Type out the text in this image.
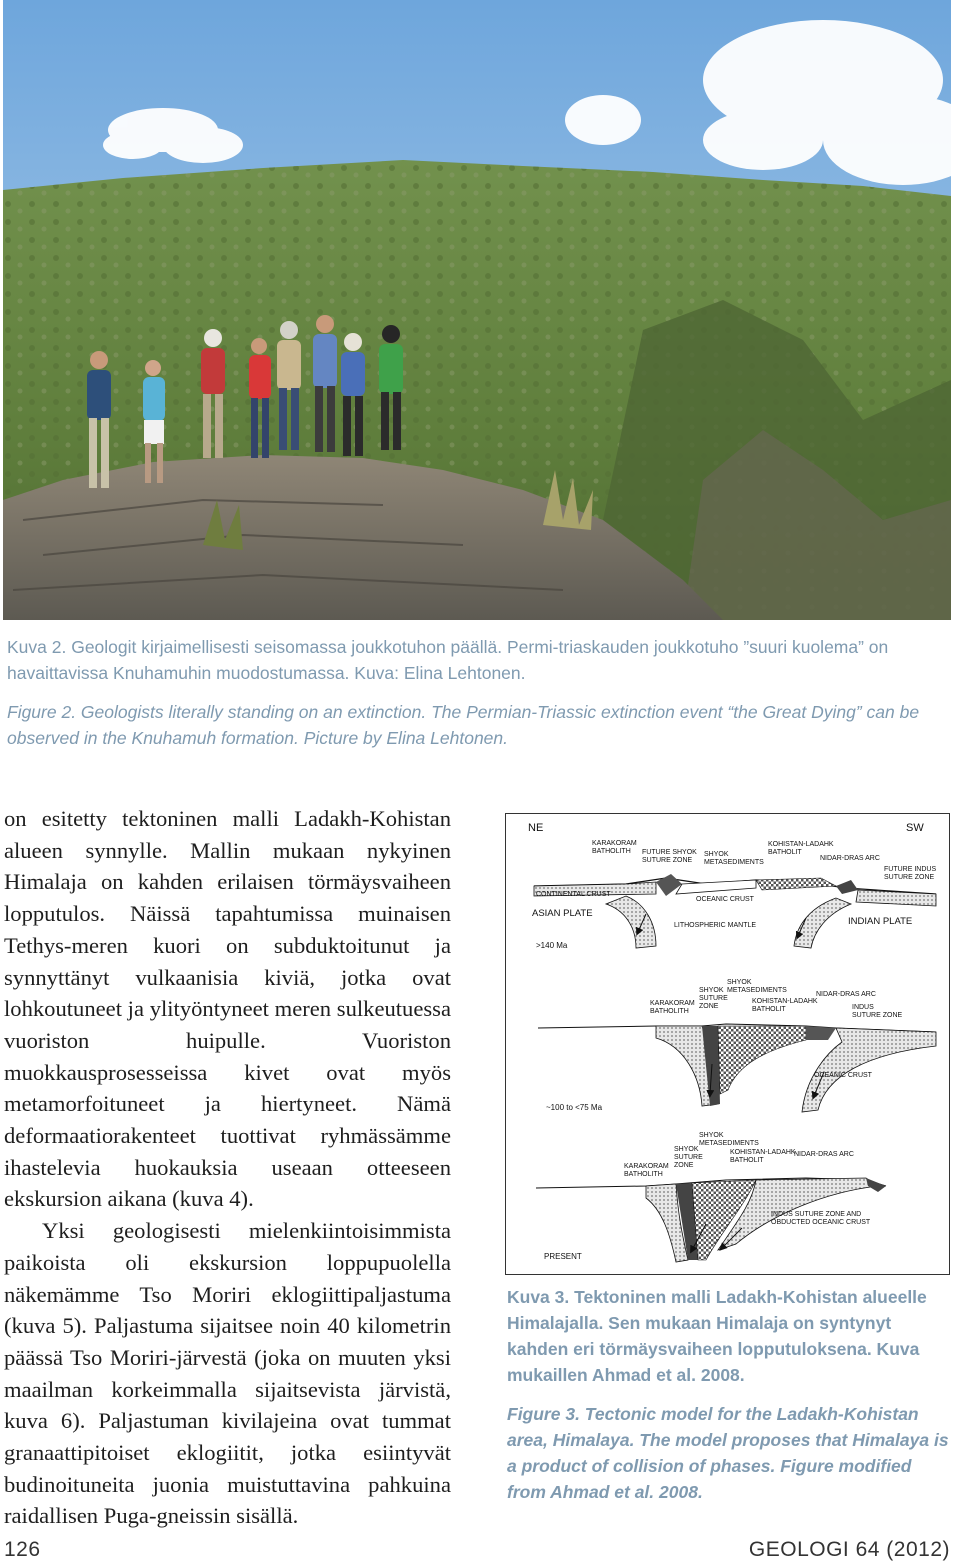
Kuva 2. Geologit kirjaimellisesti seisomassa joukkotuhon päällä. Permi-triaskauden joukkotuho ”suuri kuolema” on havaittavissa Knuhamuhin muodostumassa. Kuva: Elina Lehtonen.

Figure 2. Geologists literally standing on an extinction. The Permian-Triassic extinction event “the Great Dying” can be observed in the Knuhamuh formation. Picture by Elina Lehtonen.

on esitetty tektoninen malli Ladakh-Kohistan alueen synnylle. Mallin mukaan nykyinen Himalaja on kahden erilaisen törmäysvaiheen lopputulos. Näissä tapahtumissa muinaisen Tethys-meren kuori on subduktoitunut ja synnyttänyt vulkaanisia kiviä, jotka ovat lohkoutuneet ja ylityöntyneet meren sulkeutuessa vuoriston huipulle. Vuoriston muokkausprosesseissa kivet ovat myös metamorfoituneet ja hiertyneet. Nämä deformaatiorakenteet tuottivat ryhmässämme ihastelevia huokauksia useaan otteeseen ekskursion aikana (kuva 4).

Yksi geologisesti mielenkiintoisimmista paikoista oli ekskursion loppupuolella näkemämme Tso Moriri eklogiittipaljastuma (kuva 5). Paljastuma sijaitsee noin 40 kilometrin päässä Tso Moriri-järvestä (joka on muuten yksi maailman korkeimmalla sijaitsevista järvistä, kuva 6). Paljastuman kivilajeina ovat tummat granaattipitoiset eklogiitit, jotka esiintyvät budinoituneita juonia muistuttavina pahkuina raidallisen Puga-gneissin sisällä.

NE	SW
KARAKORAM
BATHOLITH FUTURE SHYOK
SUTURE ZONE
SHYOK
METASEDIMENTS
KOHISTAN-LADAHK
BATHOLIT
NIDAR-DRAS ARC
FUTURE INDUS
SUTURE ZONE
CONTINENTAL CRUST
OCEANIC CRUST
ASIAN PLATE
INDIAN PLATE
LITHOSPHERIC MANTLE
>140 Ma
SHYOK
METASEDIMENTS
SHYOK
SUTURE
ZONE
KARAKORAM
BATHOLITH
KOHISTAN-LADAHK
BATHOLIT
NIDAR-DRAS ARC
INDUS
SUTURE ZONE
OCEANIC CRUST
~100 to <75 Ma
SHYOK
METASEDIMENTS
SHYOK
SUTURE
ZONE
KOHISTAN-LADAHK
BATHOLIT
NIDAR-DRAS ARC
KARAKORAM
BATHOLITH
INDUS SUTURE ZONE AND
OBDUCTED OCEANIC CRUST
PRESENT

Kuva 3. Tektoninen malli Ladakh-Kohistan alueelle Himalajalla. Sen mukaan Himalaja on syntynyt kahden eri törmäysvaiheen lopputuloksena. Kuva mukaillen Ahmad et al. 2008.

Figure 3. Tectonic model for the Ladakh-Kohistan area, Himalaya. The model proposes that Himalaya is a product of collision of phases. Figure modified from Ahmad et al. 2008.

126	GEOLOGI 64 (2012)
